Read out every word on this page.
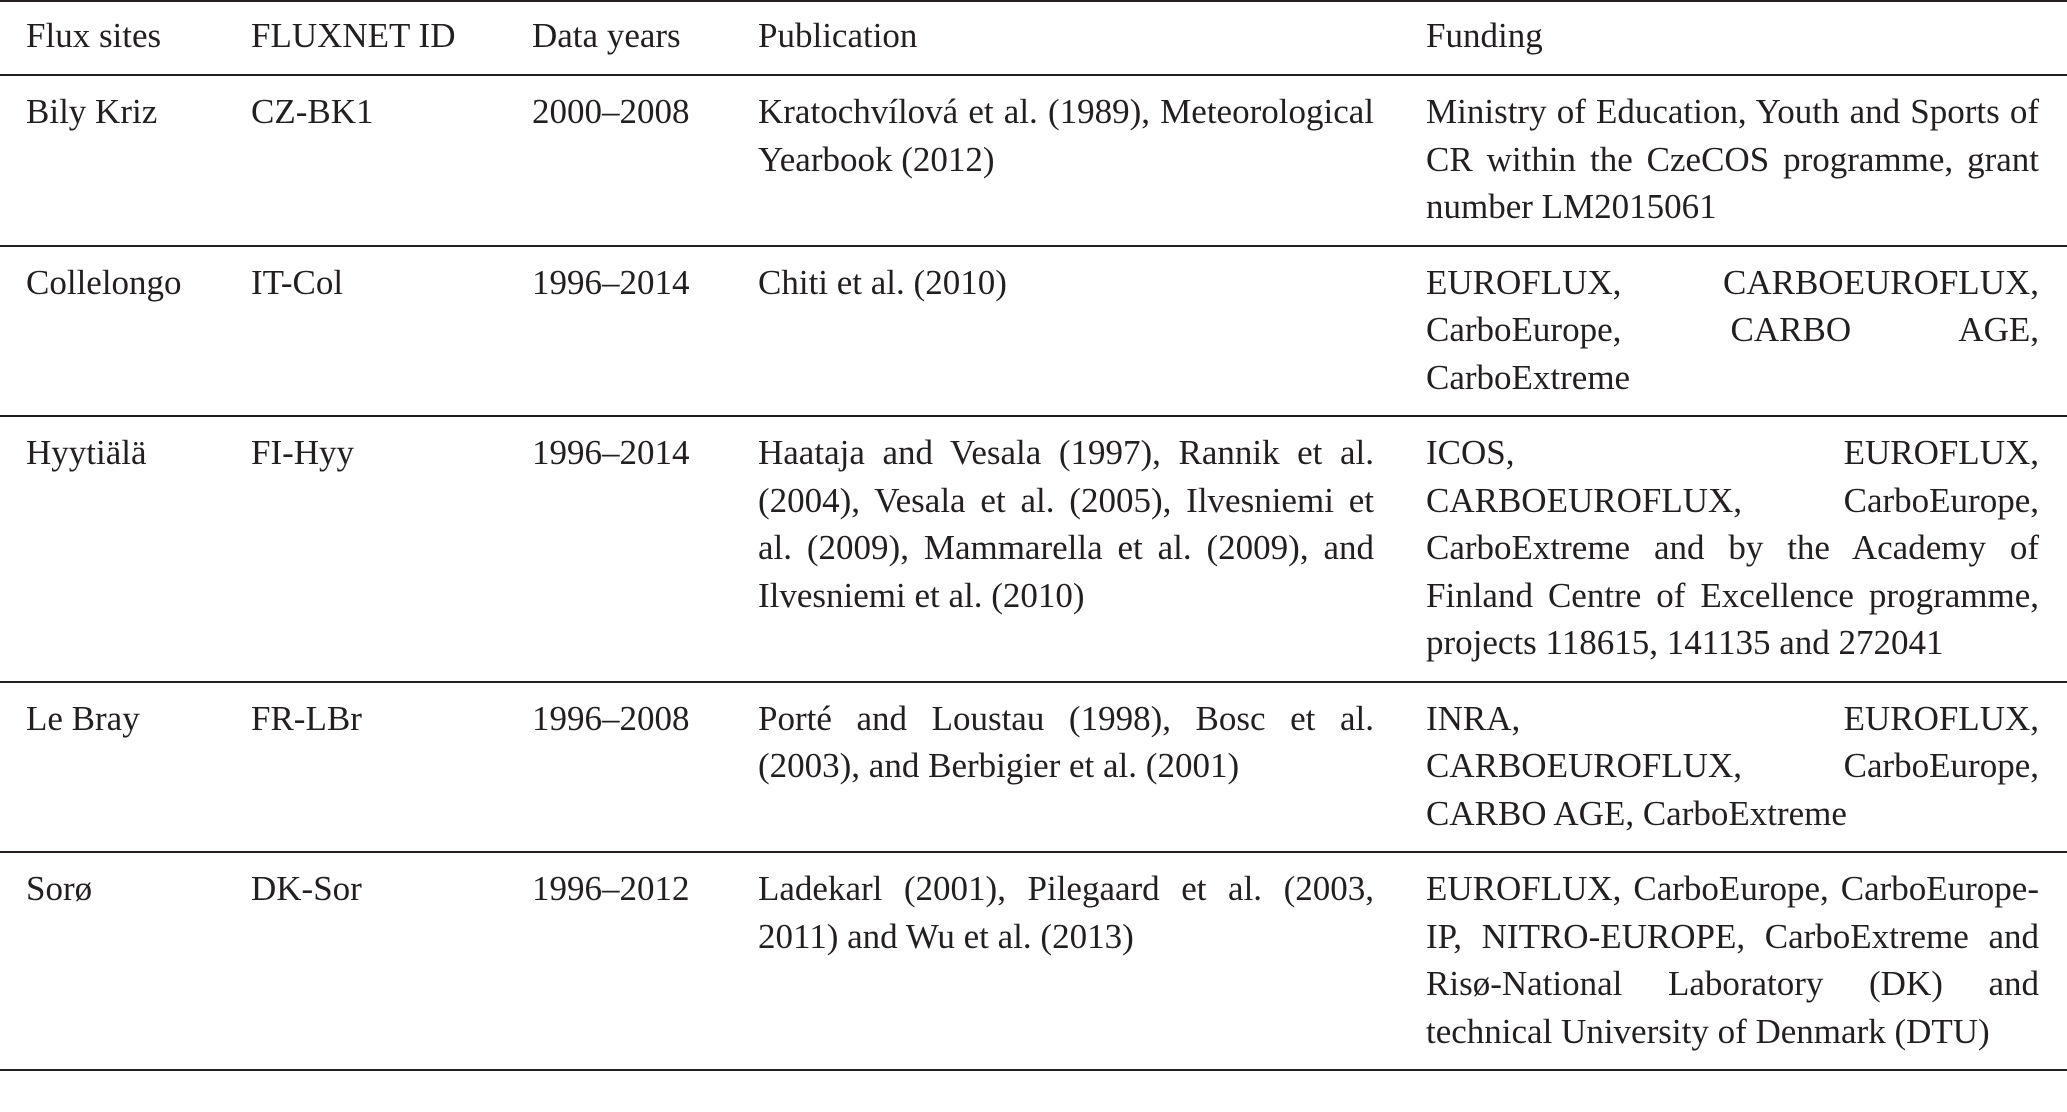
Flux sites	FLUXNET ID	Data years	Publication	Funding
Bily Kriz	CZ-BK1	2000–2008	Kratochvílová et al. (1989), Meteorological Yearbook (2012)	Ministry of Education, Youth and Sports of CR within the CzeCOS programme, grant number LM2015061
Collelongo	IT-Col	1996–2014	Chiti et al. (2010)	EUROFLUX, CARBOEUROFLUX, CarboEurope, CARBO AGE, CarboExtreme
Hyytiälä	FI-Hyy	1996–2014	Haataja and Vesala (1997), Rannik et al. (2004), Vesala et al. (2005), Ilvesniemi et al. (2009), Mammarella et al. (2009), and Ilvesniemi et al. (2010)	ICOS, EUROFLUX, CARBOEUROFLUX, CarboEurope, CarboExtreme and by the Academy of Finland Centre of Excellence programme, projects 118615, 141135 and 272041
Le Bray	FR-LBr	1996–2008	Porté and Loustau (1998), Bosc et al. (2003), and Berbigier et al. (2001)	INRA, EUROFLUX, CARBOEUROFLUX, CarboEurope, CARBO AGE, CarboExtreme
Sorø	DK-Sor	1996–2012	Ladekarl (2001), Pilegaard et al. (2003, 2011) and Wu et al. (2013)	EUROFLUX, CarboEurope, CarboEurope-IP, NITRO-EUROPE, CarboExtreme and Risø-National Laboratory (DK) and technical University of Denmark (DTU)
